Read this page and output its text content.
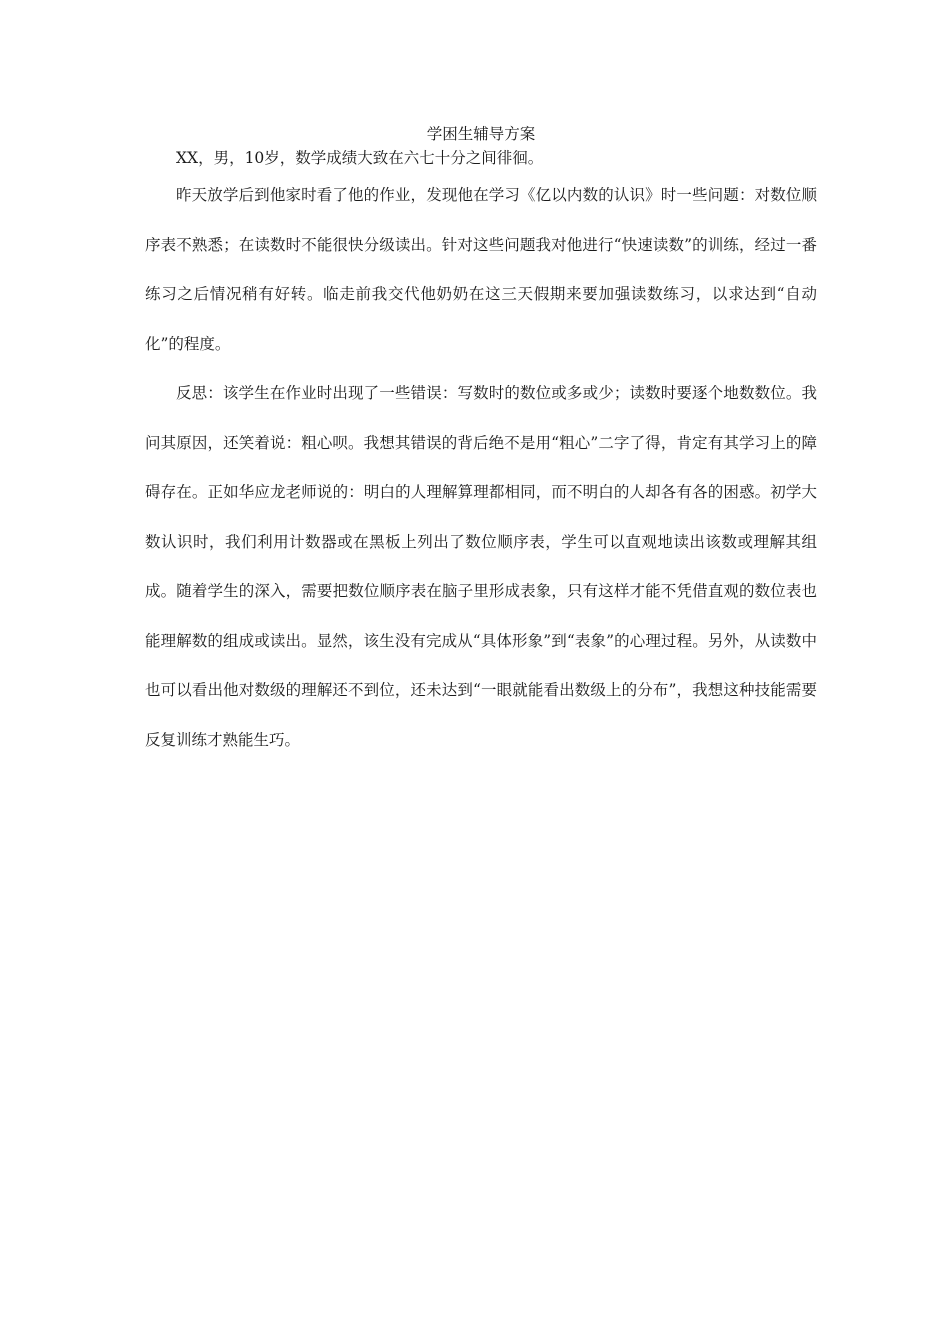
学困生辅导方案

XX，男，10岁，数学成绩大致在六七十分之间徘徊。

昨天放学后到他家时看了他的作业，发现他在学习《亿以内数的认识》时一些问题：对数位顺序表不熟悉；在读数时不能很快分级读出。针对这些问题我对他进行“快速读数”的训练，经过一番练习之后情况稍有好转。临走前我交代他奶奶在这三天假期来要加强读数练习，以求达到“自动化”的程度。

反思：该学生在作业时出现了一些错误：写数时的数位或多或少；读数时要逐个地数数位。我问其原因，还笑着说：粗心呗。我想其错误的背后绝不是用“粗心”二字了得，肯定有其学习上的障碍存在。正如华应龙老师说的：明白的人理解算理都相同，而不明白的人却各有各的困惑。初学大数认识时，我们利用计数器或在黑板上列出了数位顺序表，学生可以直观地读出该数或理解其组成。随着学生的深入，需要把数位顺序表在脑子里形成表象，只有这样才能不凭借直观的数位表也能理解数的组成或读出。显然，该生没有完成从“具体形象”到“表象”的心理过程。另外，从读数中也可以看出他对数级的理解还不到位，还未达到“一眼就能看出数级上的分布”，我想这种技能需要反复训练才熟能生巧。
